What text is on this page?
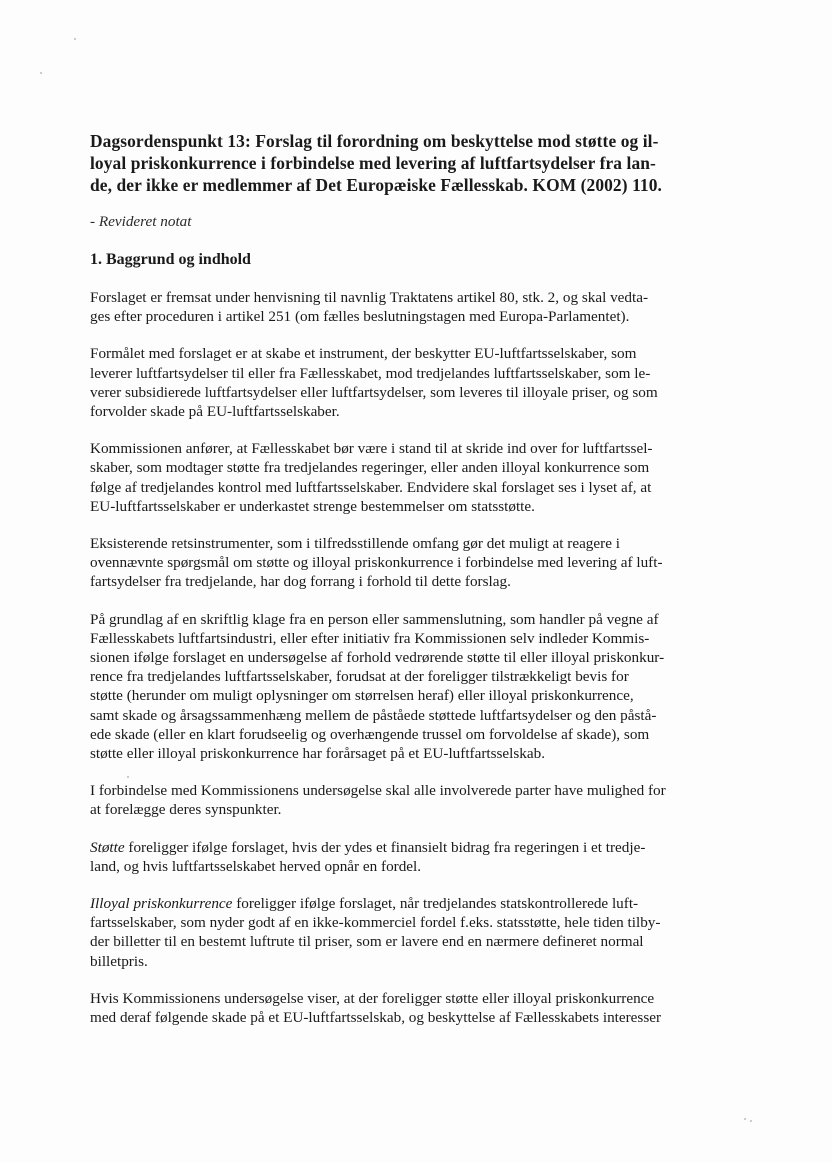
Dagsordenspunkt 13: Forslag til forordning om beskyttelse mod støtte og il-
loyal priskonkurrence i forbindelse med levering af luftfartsydelser fra lan-
de, der ikke er medlemmer af Det Europæiske Fællesskab. KOM (2002) 110.

- Revideret notat

1. Baggrund og indhold

Forslaget er fremsat under henvisning til navnlig Traktatens artikel 80, stk. 2, og skal vedta-
ges efter proceduren i artikel 251 (om fælles beslutningstagen med Europa-Parlamentet).

Formålet med forslaget er at skabe et instrument, der beskytter EU-luftfartsselskaber, som
leverer luftfartsydelser til eller fra Fællesskabet, mod tredjelandes luftfartsselskaber, som le-
verer subsidierede luftfartsydelser eller luftfartsydelser, som leveres til illoyale priser, og som
forvolder skade på EU-luftfartsselskaber.

Kommissionen anfører, at Fællesskabet bør være i stand til at skride ind over for luftfartssel-
skaber, som modtager støtte fra tredjelandes regeringer, eller anden illoyal konkurrence som
følge af tredjelandes kontrol med luftfartsselskaber. Endvidere skal forslaget ses i lyset af, at
EU-luftfartsselskaber er underkastet strenge bestemmelser om statsstøtte.

Eksisterende retsinstrumenter, som i tilfredsstillende omfang gør det muligt at reagere i
ovennævnte spørgsmål om støtte og illoyal priskonkurrence i forbindelse med levering af luft-
fartsydelser fra tredjelande, har dog forrang i forhold til dette forslag.

På grundlag af en skriftlig klage fra en person eller sammenslutning, som handler på vegne af
Fællesskabets luftfartsindustri, eller efter initiativ fra Kommissionen selv indleder Kommis-
sionen ifølge forslaget en undersøgelse af forhold vedrørende støtte til eller illoyal priskonkur-
rence fra tredjelandes luftfartsselskaber, forudsat at der foreligger tilstrækkeligt bevis for
støtte (herunder om muligt oplysninger om størrelsen heraf) eller illoyal priskonkurrence,
samt skade og årsagssammenhæng mellem de påståede støttede luftfartsydelser og den påstå-
ede skade (eller en klart forudseelig og overhængende trussel om forvoldelse af skade), som
støtte eller illoyal priskonkurrence har forårsaget på et EU-luftfartsselskab.

I forbindelse med Kommissionens undersøgelse skal alle involverede parter have mulighed for
at forelægge deres synspunkter.

Støtte foreligger ifølge forslaget, hvis der ydes et finansielt bidrag fra regeringen i et tredje-
land, og hvis luftfartsselskabet herved opnår en fordel.

Illoyal priskonkurrence foreligger ifølge forslaget, når tredjelandes statskontrollerede luft-
fartsselskaber, som nyder godt af en ikke-kommerciel fordel f.eks. statsstøtte, hele tiden tilby-
der billetter til en bestemt luftrute til priser, som er lavere end en nærmere defineret normal
billetpris.

Hvis Kommissionens undersøgelse viser, at der foreligger støtte eller illoyal priskonkurrence
med deraf følgende skade på et EU-luftfartsselskab, og beskyttelse af Fællesskabets interesser
